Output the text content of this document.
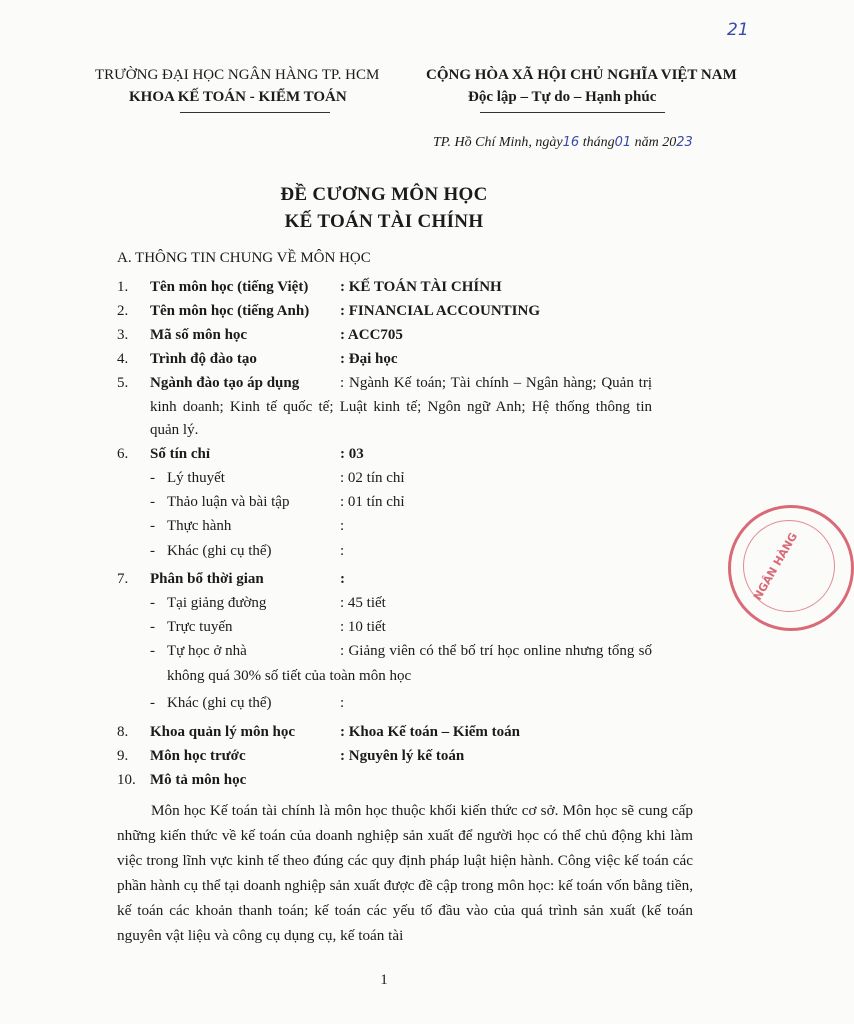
21
TRƯỜNG ĐẠI HỌC NGÂN HÀNG TP. HCM
KHOA KẾ TOÁN - KIỂM TOÁN
CỘNG HÒA XÃ HỘI CHỦ NGHĨA VIỆT NAM
Độc lập – Tự do – Hạnh phúc
TP. Hồ Chí Minh, ngày16 tháng01 năm 2023
ĐỀ CƯƠNG MÔN HỌC
KẾ TOÁN TÀI CHÍNH
A. THÔNG TIN CHUNG VỀ MÔN HỌC
1. Tên môn học (tiếng Việt) : KẾ TOÁN TÀI CHÍNH
2. Tên môn học (tiếng Anh) : FINANCIAL ACCOUNTING
3. Mã số môn học	: ACC705
4. Trình độ đào tạo	: Đại học
5. Ngành đào tạo áp dụng	: Ngành Kế toán; Tài chính – Ngân hàng; Quản trị
kinh doanh; Kinh tế quốc tế; Luật kinh tế; Ngôn ngữ Anh; Hệ thống thông tin
quản lý.
6. Số tín chỉ	: 03
- Lý thuyết	: 02 tín chỉ
- Thảo luận và bài tập	: 01 tín chỉ
- Thực hành	:
- Khác (ghi cụ thể)	:
7. Phân bổ thời gian	:
- Tại giảng đường	: 45 tiết
- Trực tuyến	: 10 tiết
- Tự học ở nhà	: Giảng viên có thể bố trí học online nhưng tổng số
không quá 30% số tiết của toàn môn học
- Khác (ghi cụ thể)	:
8. Khoa quản lý môn học	: Khoa Kế toán – Kiểm toán
9. Môn học trước	: Nguyên lý kế toán
10. Mô tả môn học
Môn học Kế toán tài chính là môn học thuộc khối kiến thức cơ sở. Môn học sẽ cung cấp những kiến thức về kế toán của doanh nghiệp sản xuất để người học có thể chủ động khi làm việc trong lĩnh vực kinh tế theo đúng các quy định pháp luật hiện hành. Công việc kế toán các phần hành cụ thể tại doanh nghiệp sản xuất được đề cập trong môn học: kế toán vốn bằng tiền, kế toán các khoản thanh toán; kế toán các yếu tố đầu vào của quá trình sản xuất (kế toán nguyên vật liệu và công cụ dụng cụ, kế toán tài
NGÂN HÀNG
1
